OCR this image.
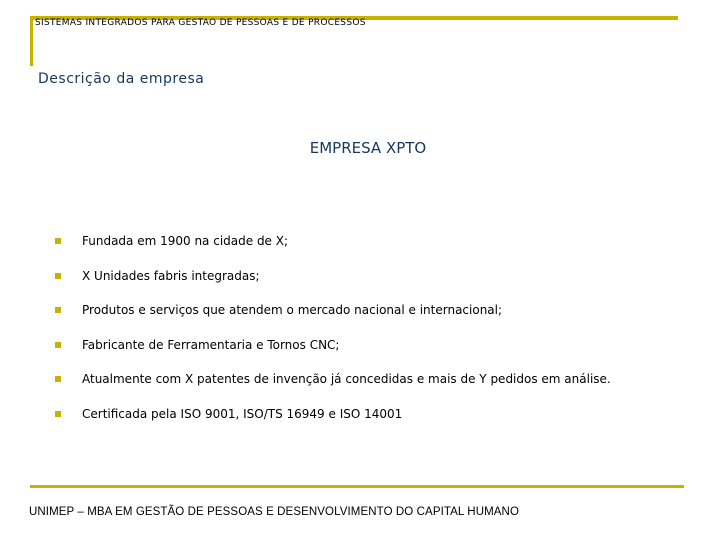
SISTEMAS INTEGRADOS PARA GESTAO DE PESSOAS E DE PROCESSOS
Descrição da empresa
EMPRESA XPTO
Fundada em 1900 na cidade de X;
X Unidades fabris integradas;
Produtos e serviços que atendem o mercado nacional e internacional;
Fabricante de Ferramentaria e Tornos CNC;
Atualmente com X patentes de invenção já concedidas e mais de Y pedidos em análise.
Certificada pela ISO 9001, ISO/TS 16949 e ISO 14001
UNIMEP – MBA EM GESTÃO DE PESSOAS E DESENVOLVIMENTO DO CAPITAL HUMANO
